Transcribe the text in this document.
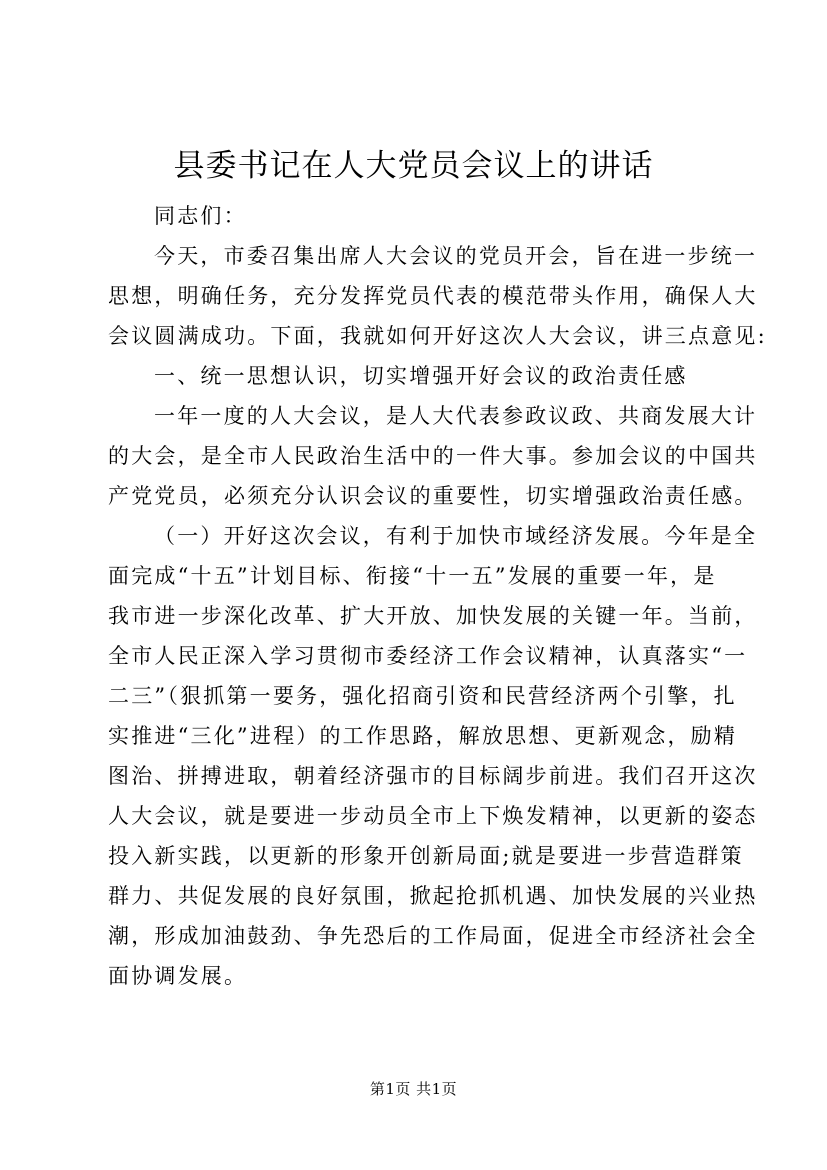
县委书记在人大党员会议上的讲话

同志们：

今天，市委召集出席人大会议的党员开会，旨在进一步统一

思想，明确任务，充分发挥党员代表的模范带头作用，确保人大

会议圆满成功。下面，我就如何开好这次人大会议，讲三点意见:

一、统一思想认识，切实增强开好会议的政治责任感

一年一度的人大会议，是人大代表参政议政、共商发展大计

的大会，是全市人民政治生活中的一件大事。参加会议的中国共

产党党员，必须充分认识会议的重要性，切实增强政治责任感。

（一）开好这次会议，有利于加快市域经济发展。今年是全

面完成“十五”计划目标、衔接“十一五”发展的重要一年，是

我市进一步深化改革、扩大开放、加快发展的关键一年。当前，

全市人民正深入学习贯彻市委经济工作会议精神，认真落实“一

二三”（狠抓第一要务，强化招商引资和民营经济两个引擎，扎

实推进“三化”进程）的工作思路，解放思想、更新观念，励精

图治、拼搏进取，朝着经济强市的目标阔步前进。我们召开这次

人大会议，就是要进一步动员全市上下焕发精神，以更新的姿态

投入新实践，以更新的形象开创新局面;就是要进一步营造群策

群力、共促发展的良好氛围，掀起抢抓机遇、加快发展的兴业热

潮，形成加油鼓劲、争先恐后的工作局面，促进全市经济社会全

面协调发展。

第1页 共1页
